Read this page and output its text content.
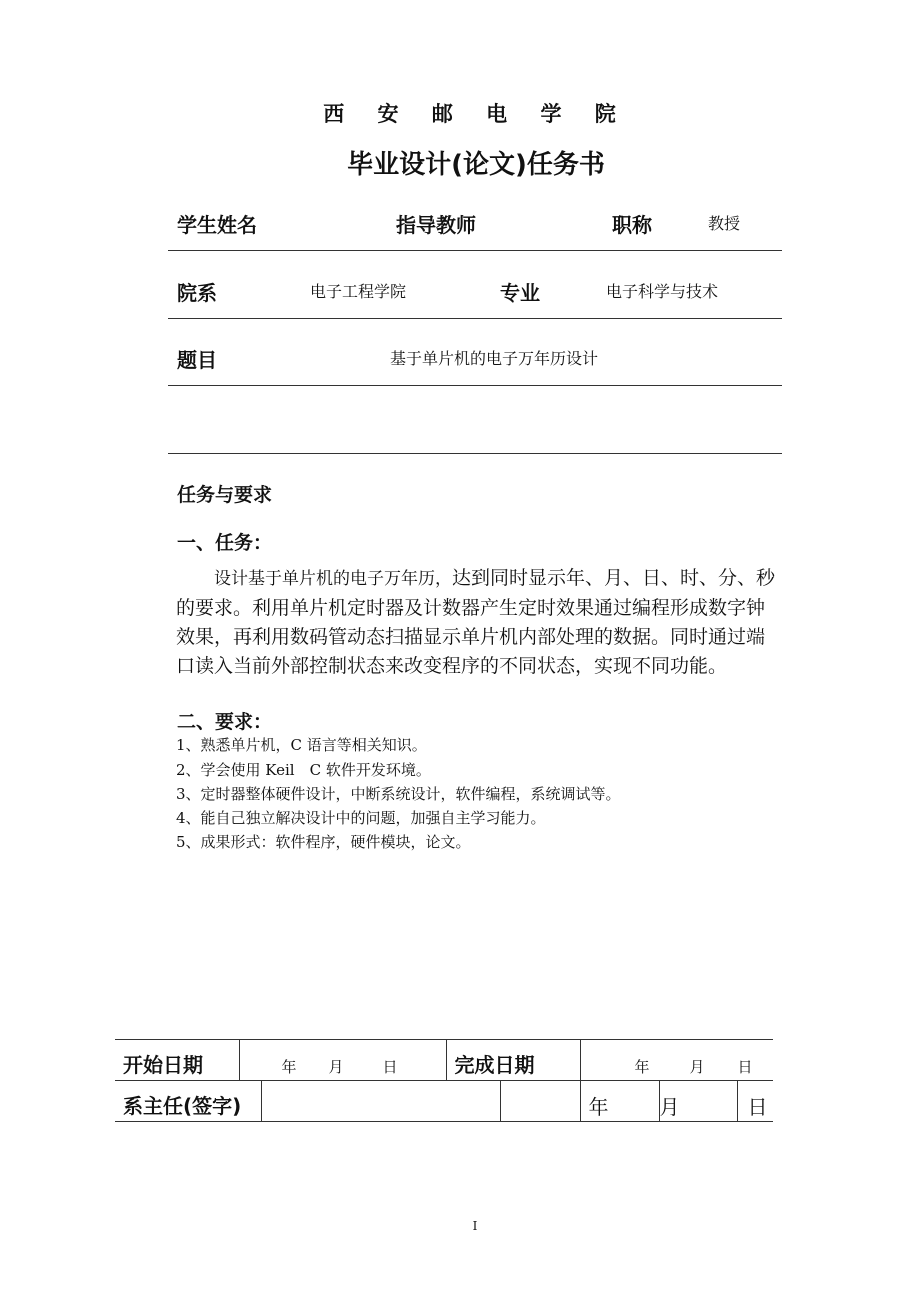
西 安 邮 电 学 院
毕业设计(论文)任务书
学生姓名	指导教师	职称	教授
院系	电子工程学院	专业	电子科学与技术
题目	基于单片机的电子万年历设计
任务与要求
一、任务：
设计基于单片机的电子万年历，达到同时显示年、月、日、时、分、秒的要求。利用单片机定时器及计数器产生定时效果通过编程形成数字钟效果，再利用数码管动态扫描显示单片机内部处理的数据。同时通过端口读入当前外部控制状态来改变程序的不同状态，实现不同功能。
二、要求：
1、熟悉单片机，C 语言等相关知识。
2、学会使用 Keil　C 软件开发环境。
3、定时器整体硬件设计，中断系统设计，软件编程，系统调试等。
4、能自己独立解决设计中的问题，加强自主学习能力。
5、成果形式：软件程序，硬件模块，论文。
开始日期	年 月 日		完成日期		年 月 日				

系主任(签字)					年		月		日
I
